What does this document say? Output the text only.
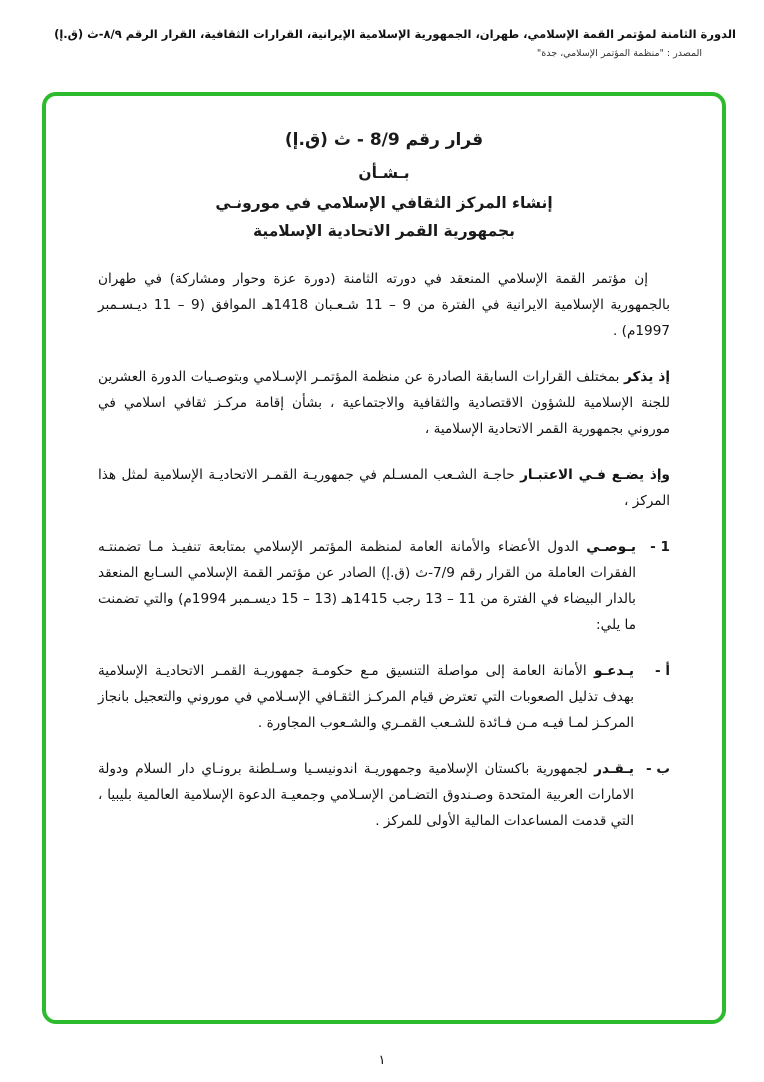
الدورة الثامنة لمؤتمر القمة الإسلامي، طهران، الجمهورية الإسلامية الإيرانية، القرارات الثقافية، القرار الرقم ٨/٩-ث (ق.إ)
المصدر : "منظمة المؤتمر الإسلامي، جدة"
قرار رقم 8/9 - ث (ق.إ)
بـشـأن
إنشاء المركز الثقافي الإسلامي في مورونـي
بجمهورية القمر الاتحادية الإسلامية

إن مؤتمر القمة الإسلامي المنعقد في دورته الثامنة (دورة عزة وحوار ومشاركة) في طهران بالجمهورية الإسلامية الايرانية في الفترة من 9 – 11 شـعـبان 1418هـ الموافق (9 – 11 ديـسـمبر 1997م) .

إذ يذكر بمختلف القرارات السابقة الصادرة عن منظمة المؤتمـر الإسـلامي وبتوصـيات الدورة العشرين للجنة الإسلامية للشؤون الاقتصادية والثقافية والاجتماعية ، بشأن إقامة مركـز ثقافي اسلامي في موروني بجمهورية القمر الاتحادية الإسلامية ،

وإذ يضـع فـي الاعتبـار حاجـة الشـعب المسـلم في جمهوريـة القمـر الاتحاديـة الإسلامية لمثل هذا المركز ،

1 -
يـوصـي الدول الأعضاء والأمانة العامة لمنظمة المؤتمر الإسلامي بمتابعة تنفيـذ مـا تضمنتـه الفقرات العاملة من القرار رقم 7/9-ث (ق.إ) الصادر عن مؤتمر القمة الإسلامي السـابع المنعقد بالدار البيضاء في الفترة من 11 – 13 رجب 1415هـ (13 – 15 ديسـمبر 1994م) والتي تضمنت ما يلي:
أ -
يـدعـو الأمانة العامة إلى مواصلة التنسيق مـع حكومـة جمهوريـة القمـر الاتحاديـة الإسلامية بهدف تذليل الصعوبات التي تعترض قيام المركـز الثقـافي الإسـلامي في موروني والتعجيل بانجاز المركـز لمـا فيـه مـن فـائدة للشـعب القمـري والشـعوب المجاورة .
ب -
يـقـدر لجمهورية باكستان الإسلامية وجمهوريـة اندونيسـيا وسـلطنة برونـاي دار السلام ودولة الامارات العربية المتحدة وصـندوق التضـامن الإسـلامي وجمعيـة الدعوة الإسلامية العالمية بليبيا ، التي قدمت المساعدات المالية الأولى للمركز .
١
